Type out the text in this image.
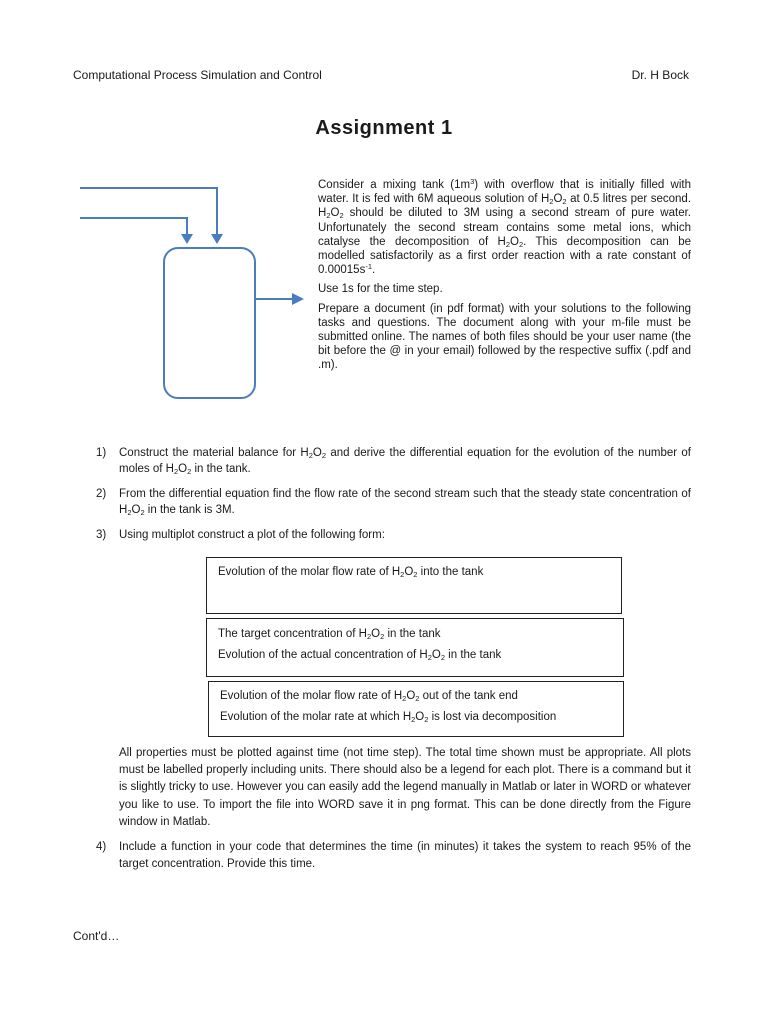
Computational Process Simulation and Control	Dr. H Bock
Assignment 1

Consider a mixing tank $(1m^3)$ with overflow that is initially filled with water. It is fed with 6M aqueous solution of $H_2O_2$ at 0.5 litres per second. $H_2O_2$ should be diluted to 3M using a second stream of pure water. Unfortunately the second stream contains some metal ions, which catalyse the decomposition of $H_2O_2$. This decomposition can be modelled satisfactorily as a first order reaction with a rate constant of $0.00015s^{-1}$.

Use 1s for the time step.

Prepare a document (in pdf format) with your solutions to the following tasks and questions. The document along with your m-file must be submitted online. The names of both files should be your user name (the bit before the @ in your email) followed by the respective suffix (.pdf and .m).

1) Construct the material balance for $H_2O_2$ and derive the differential equation for the evolution of the number of moles of $H_2O_2$ in the tank.
2) From the differential equation find the flow rate of the second stream such that the steady state concentration of $H_2O_2$ in the tank is 3M.
3) Using multiplot construct a plot of the following form:
Evolution of the molar flow rate of $H_2O_2$ into the tank
The target concentration of $H_2O_2$ in the tank
Evolution of the actual concentration of $H_2O_2$ in the tank
Evolution of the molar flow rate of $H_2O_2$ out of the tank end
Evolution of the molar rate at which $H_2O_2$ is lost via decomposition
All properties must be plotted against time (not time step). The total time shown must be appropriate. All plots must be labelled properly including units. There should also be a legend for each plot. There is a command but it is slightly tricky to use. However you can easily add the legend manually in Matlab or later in WORD or whatever you like to use. To import the file into WORD save it in png format. This can be done directly from the Figure window in Matlab.
4) Include a function in your code that determines the time (in minutes) it takes the system to reach 95% of the target concentration. Provide this time.
Cont'd…
